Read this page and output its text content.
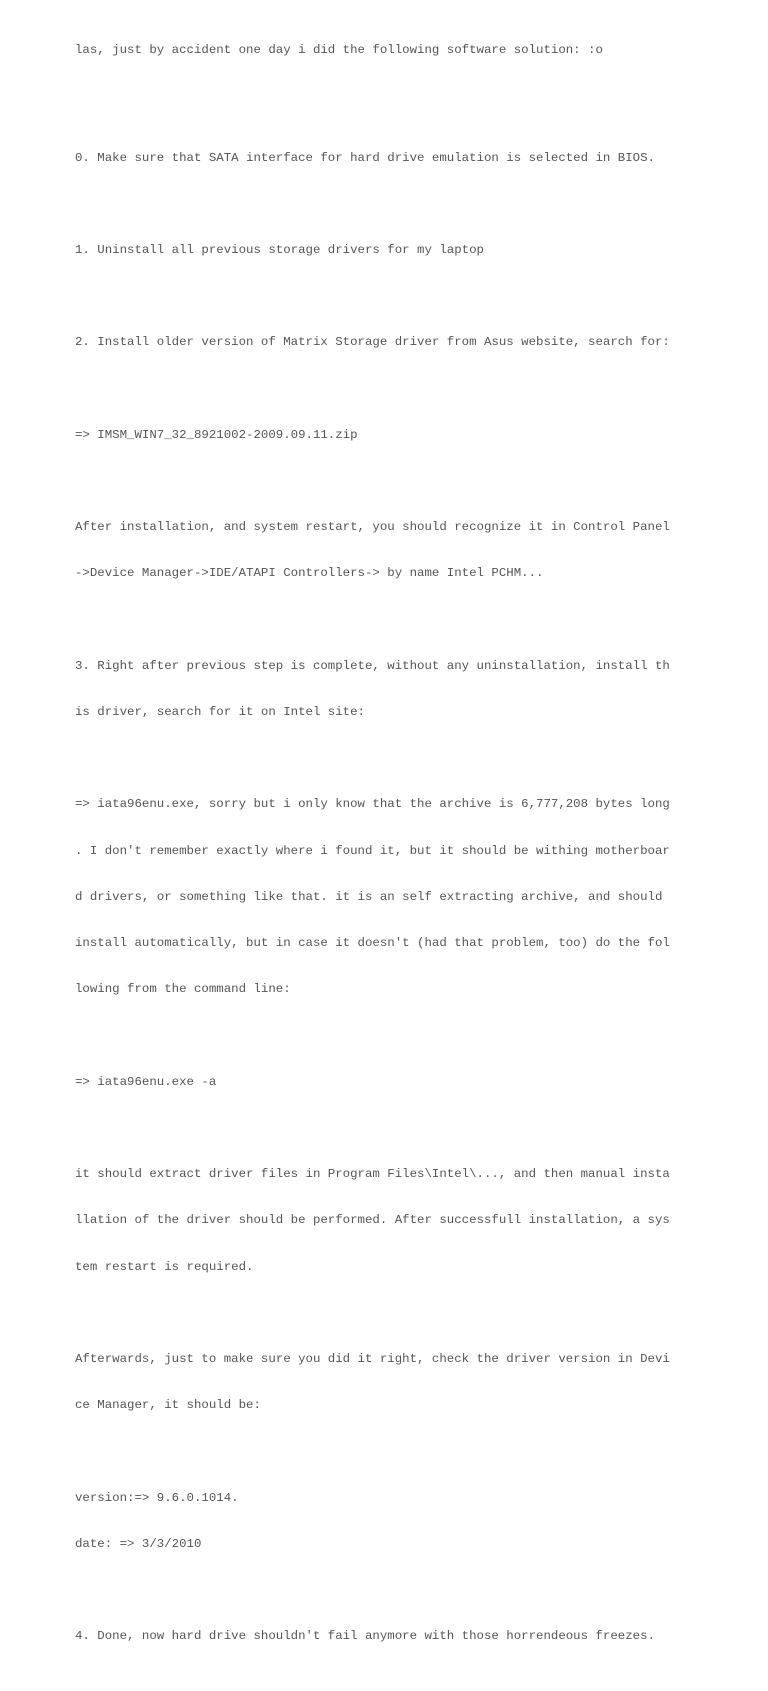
las, just by accident one day i did the following software solution: :o

0. Make sure that SATA interface for hard drive emulation is selected in BIOS.

1. Uninstall all previous storage drivers for my laptop

2. Install older version of Matrix Storage driver from Asus website, search for:

=> IMSM_WIN7_32_8921002-2009.09.11.zip

After installation, and system restart, you should recognize it in Control Panel

->Device Manager->IDE/ATAPI Controllers-> by name Intel PCHM...

3. Right after previous step is complete, without any uninstallation, install th

is driver, search for it on Intel site:

=> iata96enu.exe, sorry but i only know that the archive is 6,777,208 bytes long

. I don't remember exactly where i found it, but it should be withing motherboar

d drivers, or something like that. it is an self extracting archive, and should

install automatically, but in case it doesn't (had that problem, too) do the fol

lowing from the command line:

=> iata96enu.exe -a

it should extract driver files in Program Files\Intel\..., and then manual insta

llation of the driver should be performed. After successfull installation, a sys

tem restart is required.

Afterwards, just to make sure you did it right, check the driver version in Devi

ce Manager, it should be:

version:=> 9.6.0.1014.

date: => 3/3/2010

4. Done, now hard drive shouldn't fail anymore with those horrendeous freezes.
